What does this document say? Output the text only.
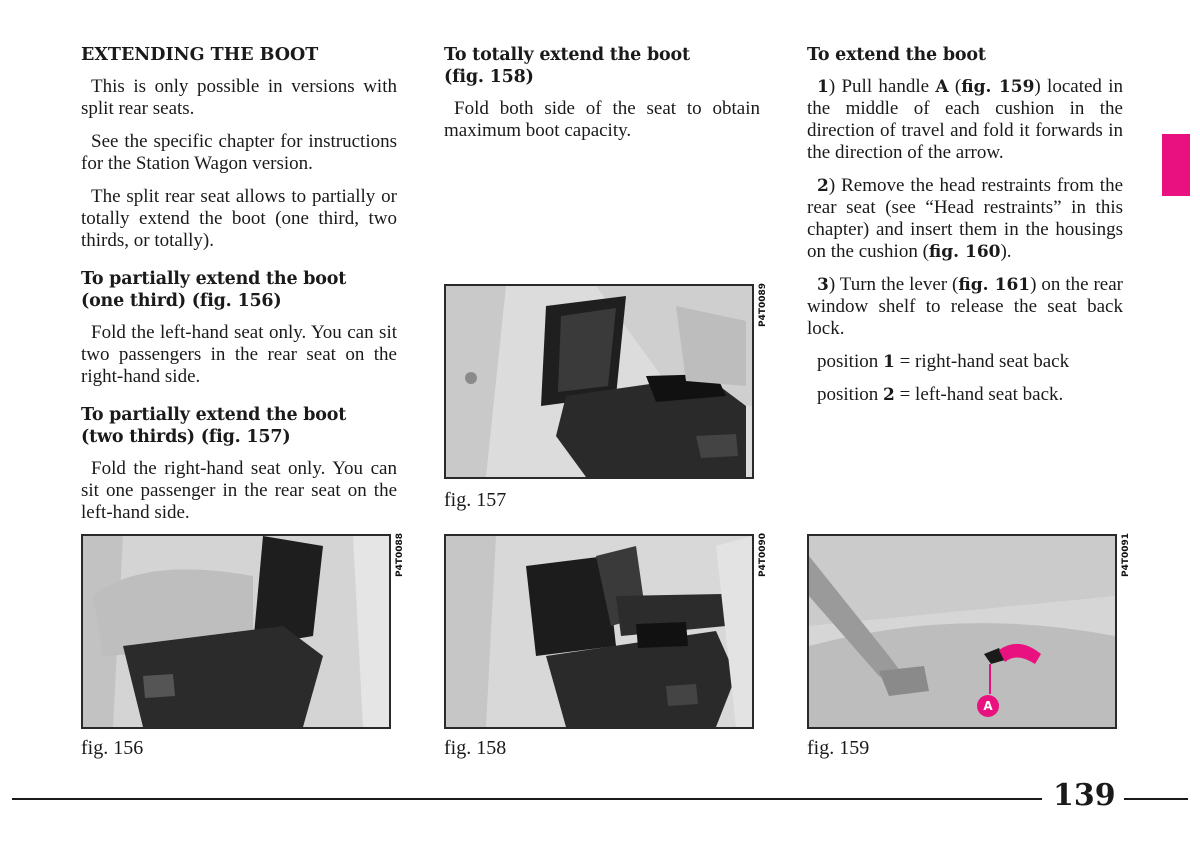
EXTENDING THE BOOT

This is only possible in versions with split rear seats.

See the specific chapter for instructions for the Station Wagon version.

The split rear seat allows to partially or totally extend the boot (one third, two thirds, or totally).

To partially extend the boot
(one third) (fig. 156)

Fold the left-hand seat only. You can sit two passengers in the rear seat on the right-hand side.

To partially extend the boot
(two thirds) (fig. 157)

Fold the right-hand seat only. You can sit one passenger in the rear seat on the left-hand side.

To totally extend the boot
(fig. 158)

Fold both side of the seat to obtain maximum boot capacity.

To extend the boot

1) Pull handle A (fig. 159) located in the middle of each cushion in the direction of travel and fold it forwards in the direction of the arrow.

2) Remove the head restraints from the rear seat (see “Head restraints” in this chapter) and insert them in the housings on the cushion (fig. 160).

3) Turn the lever (fig. 161) on the rear window shelf to release the seat back lock.

position 1 = right-hand seat back

position 2 = left-hand seat back.

P4T0089
fig. 157
P4T0088
fig. 156
P4T0090
fig. 158
A
P4T0091
fig. 159
139
